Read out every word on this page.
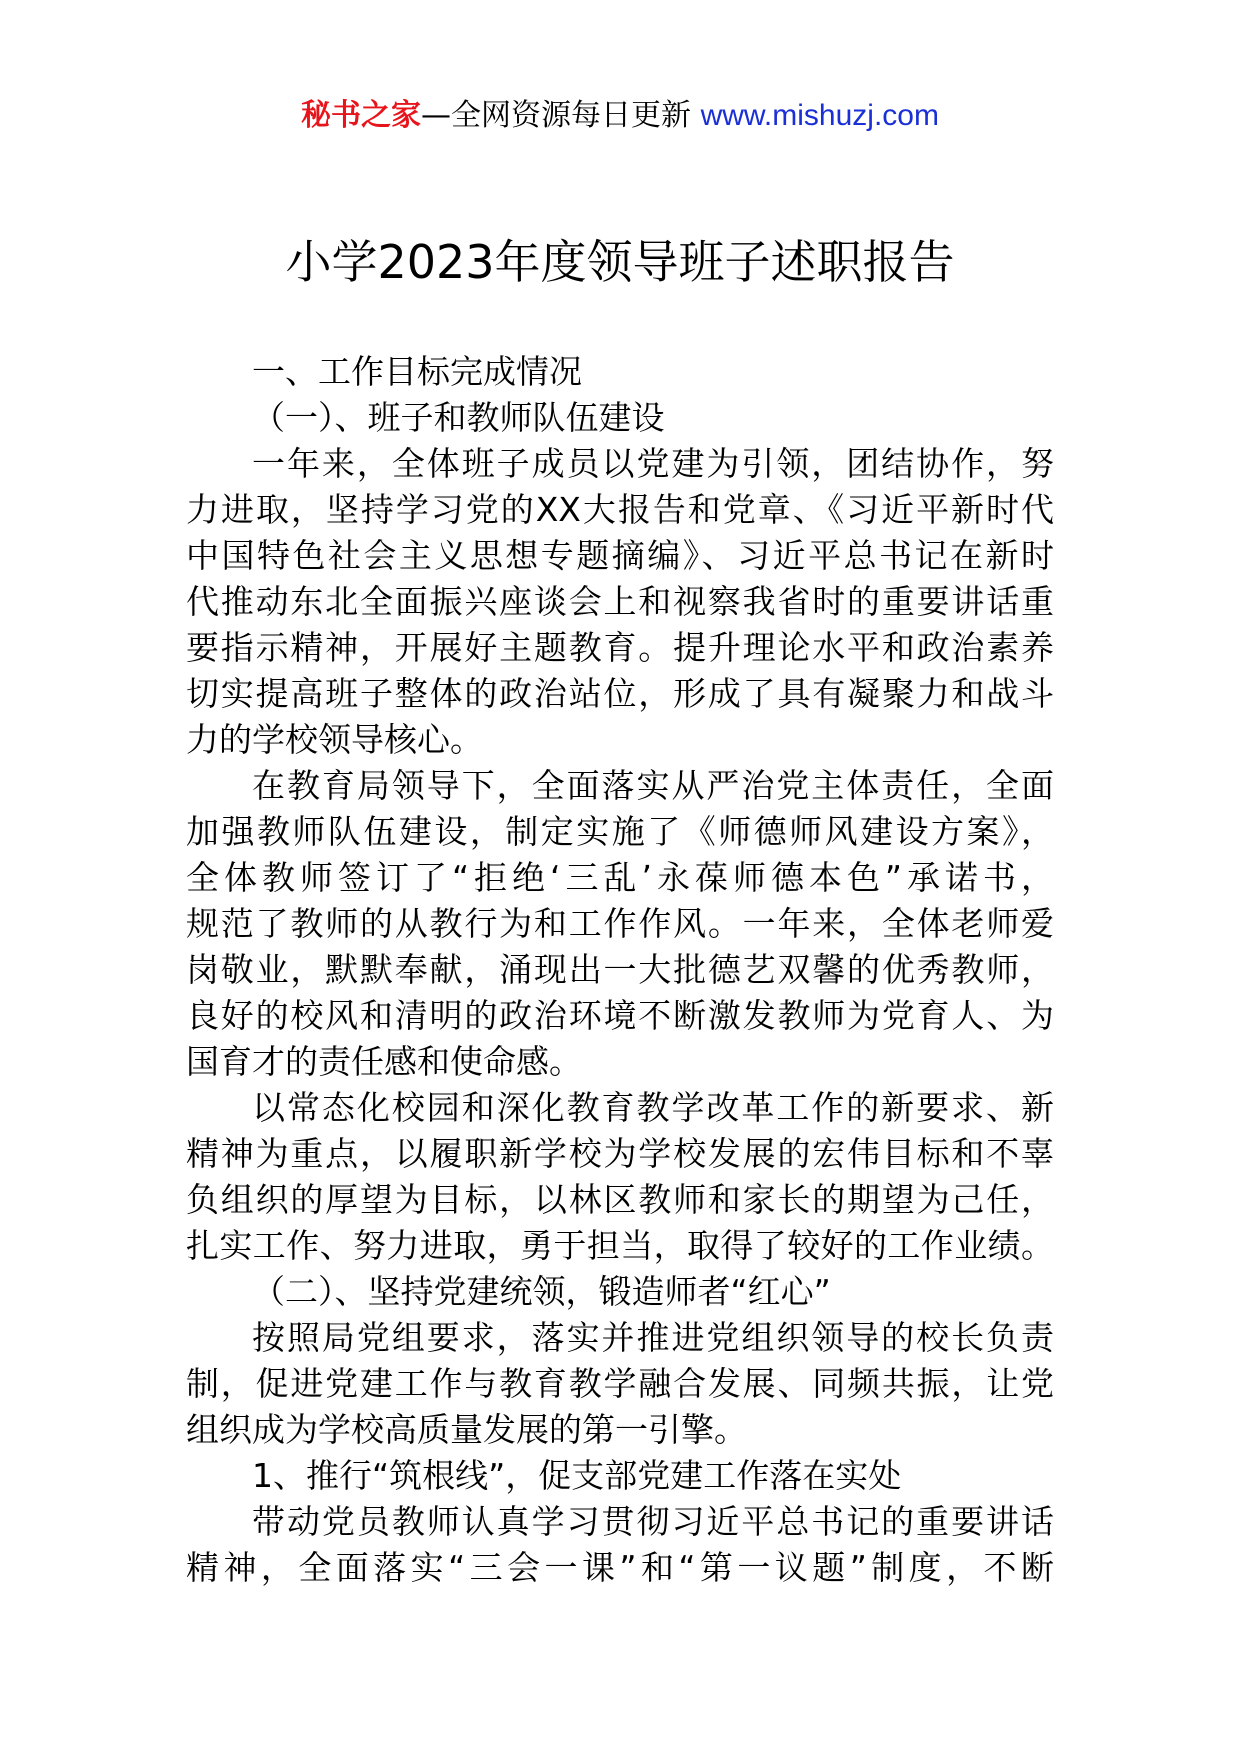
秘书之家—全网资源每日更新 www.mishuzj.com
小学2023年度领导班子述职报告
一、工作目标完成情况
（一）、班子和教师队伍建设
一年来，全体班子成员以党建为引领，团结协作，努
力进取，坚持学习党的XX大报告和党章、《习近平新时代
中国特色社会主义思想专题摘编》、习近平总书记在新时
代推动东北全面振兴座谈会上和视察我省时的重要讲话重
要指示精神，开展好主题教育。提升理论水平和政治素养
切实提高班子整体的政治站位，形成了具有凝聚力和战斗
力的学校领导核心。
在教育局领导下，全面落实从严治党主体责任，全面
加强教师队伍建设，制定实施了《师德师风建设方案》，
全体教师签订了“拒绝‘三乱’永葆师德本色”承诺书，
规范了教师的从教行为和工作作风。一年来，全体老师爱
岗敬业，默默奉献，涌现出一大批德艺双馨的优秀教师，
良好的校风和清明的政治环境不断激发教师为党育人、为
国育才的责任感和使命感。
以常态化校园和深化教育教学改革工作的新要求、新
精神为重点，以履职新学校为学校发展的宏伟目标和不辜
负组织的厚望为目标，以林区教师和家长的期望为己任，
扎实工作、努力进取，勇于担当，取得了较好的工作业绩。
（二）、坚持党建统领，锻造师者“红心”
按照局党组要求，落实并推进党组织领导的校长负责
制，促进党建工作与教育教学融合发展、同频共振，让党
组织成为学校高质量发展的第一引擎。
1、推行“筑根线”，促支部党建工作落在实处
带动党员教师认真学习贯彻习近平总书记的重要讲话
精神，全面落实“三会一课”和“第一议题”制度，不断
